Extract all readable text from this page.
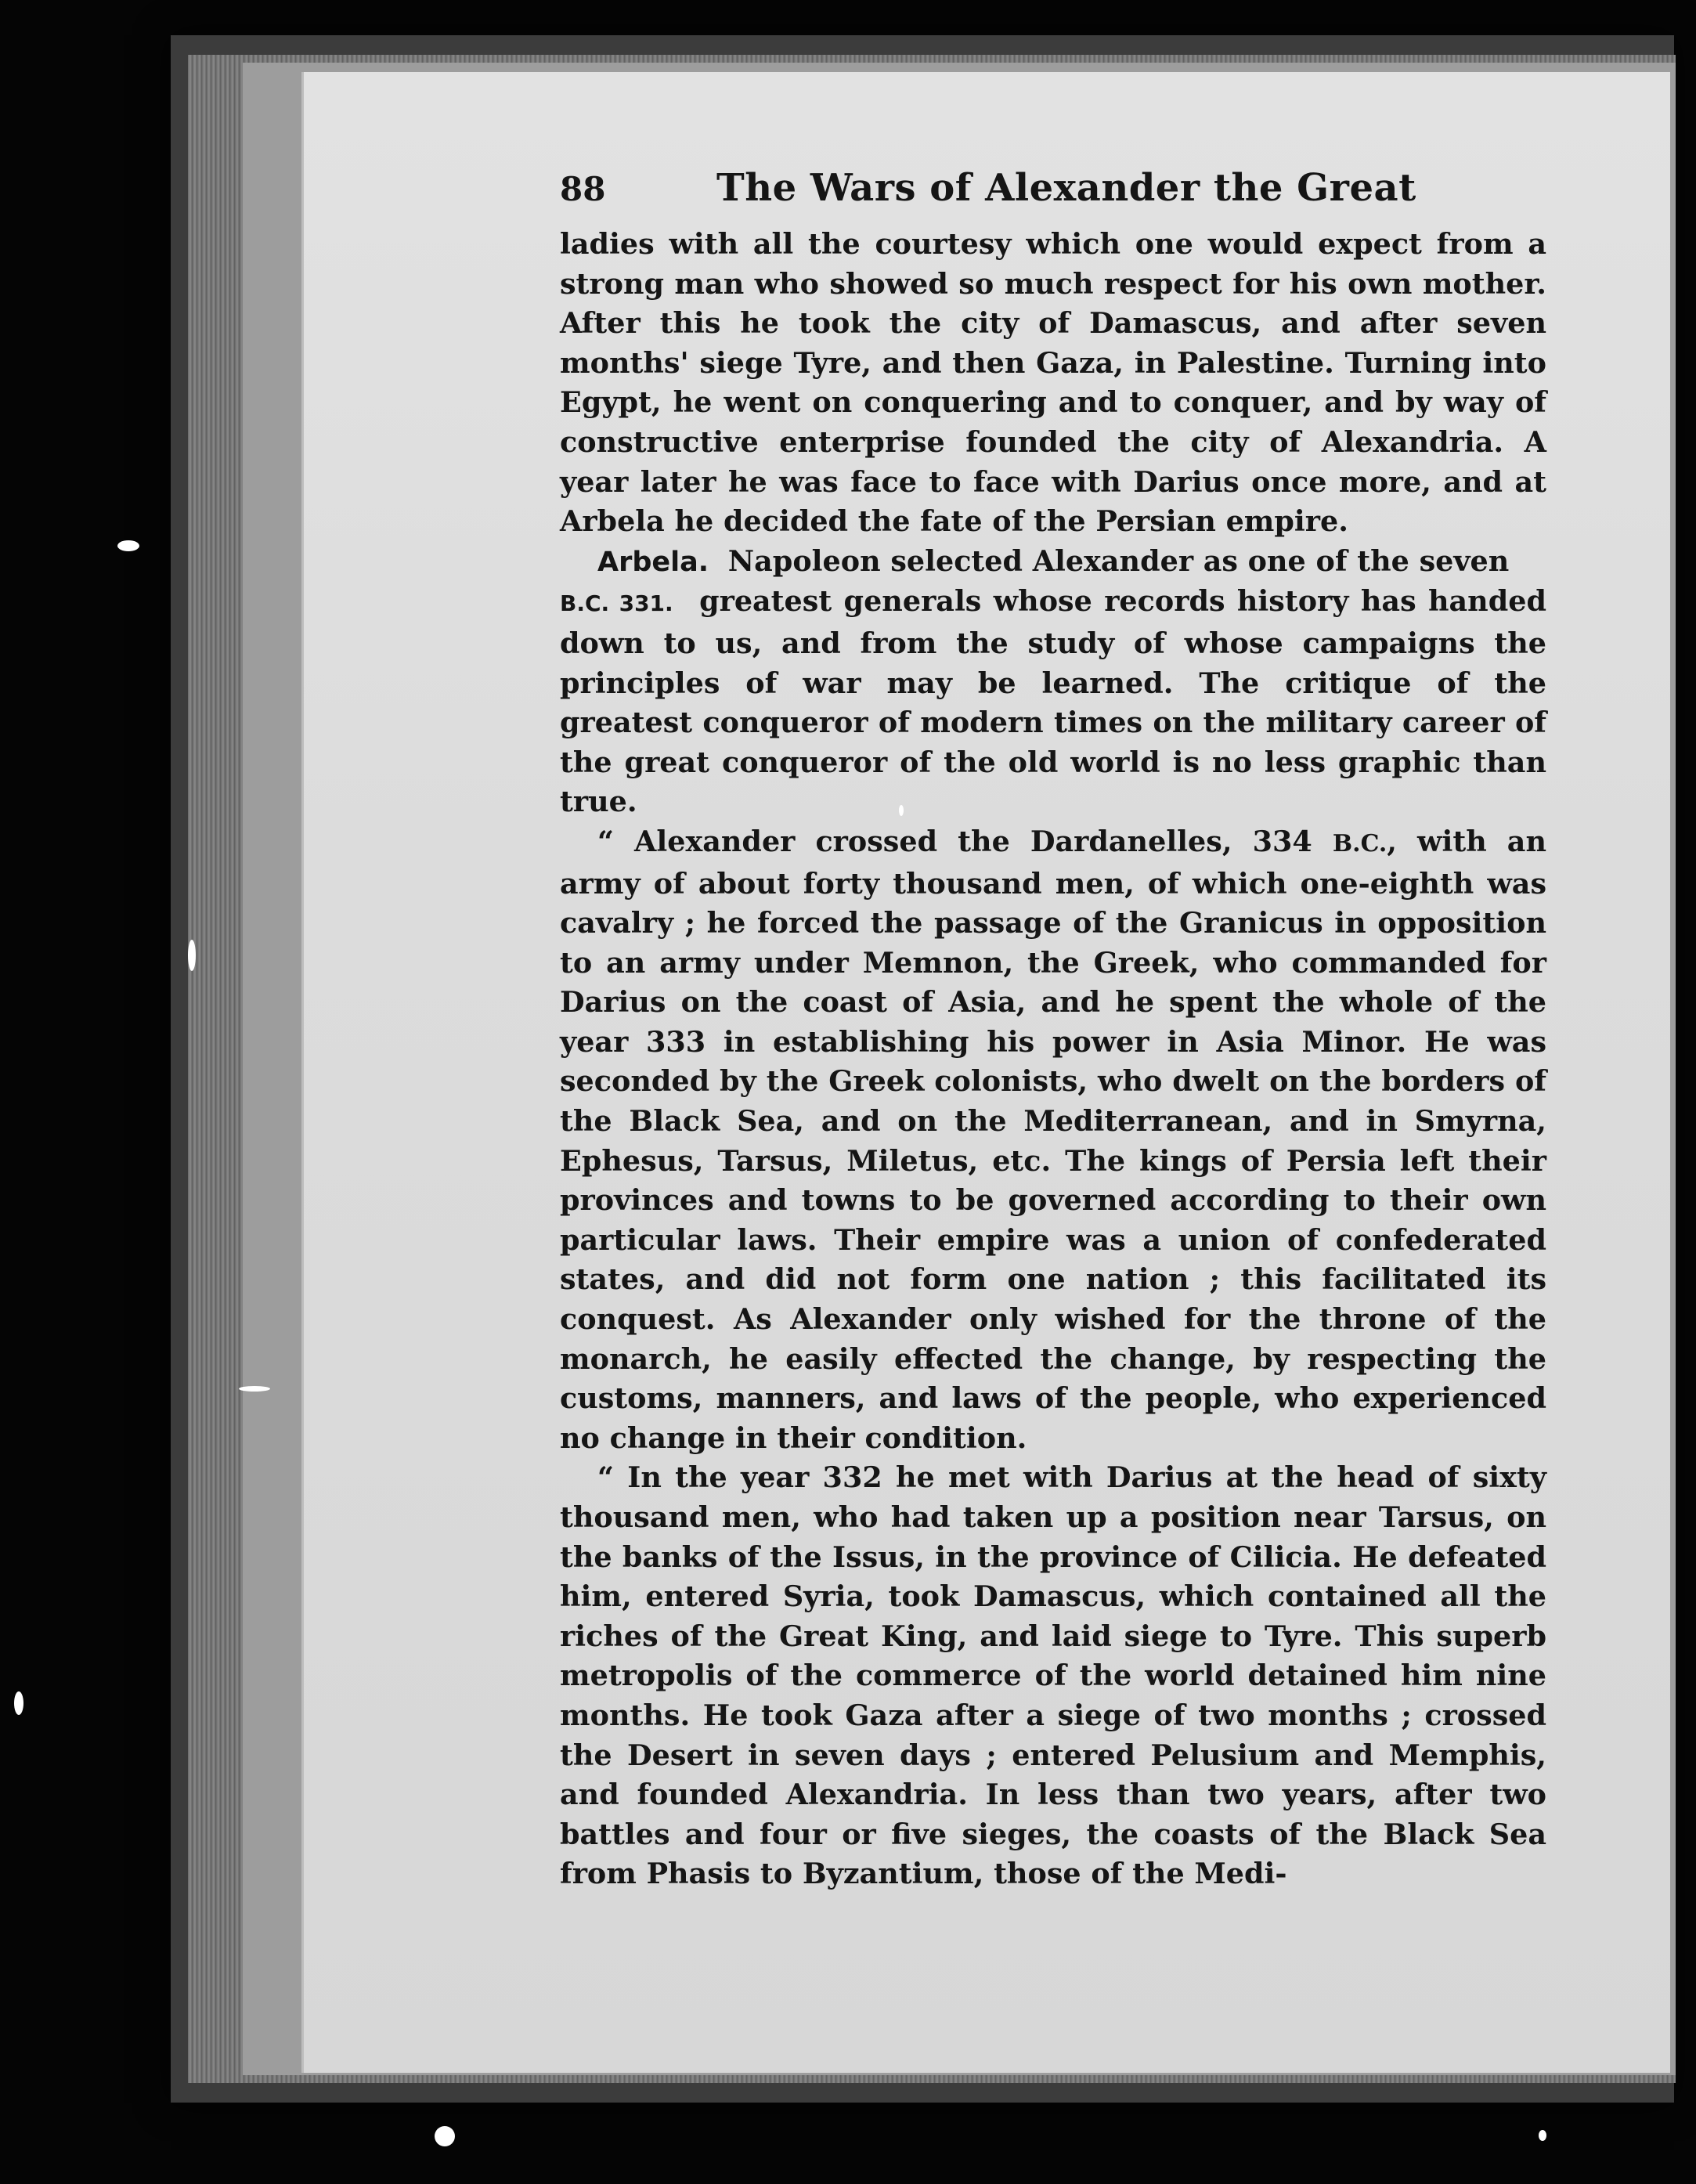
88	The Wars of Alexander the Great

ladies with all the courtesy which one would expect from a strong man who showed so much respect for his own mother. After this he took the city of Damascus, and after seven months' siege Tyre, and then Gaza, in Palestine. Turning into Egypt, he went on conquering and to conquer, and by way of constructive enterprise founded the city of Alexandria. A year later he was face to face with Darius once more, and at Arbela he decided the fate of the Persian empire.

Arbela. Napoleon selected Alexander as one of the seven
B.C. 331. greatest generals whose records history has handed down to us, and from the study of whose campaigns the principles of war may be learned. The critique of the greatest conqueror of modern times on the military career of the great conqueror of the old world is no less graphic than true.

“ Alexander crossed the Dardanelles, 334 B.C., with an army of about forty thousand men, of which one-eighth was cavalry ; he forced the passage of the Granicus in opposition to an army under Memnon, the Greek, who commanded for Darius on the coast of Asia, and he spent the whole of the year 333 in establishing his power in Asia Minor. He was seconded by the Greek colonists, who dwelt on the borders of the Black Sea, and on the Mediterranean, and in Smyrna, Ephesus, Tarsus, Miletus, etc. The kings of Persia left their provinces and towns to be governed according to their own particular laws. Their empire was a union of confederated states, and did not form one nation ; this facilitated its conquest. As Alexander only wished for the throne of the monarch, he easily effected the change, by respecting the customs, manners, and laws of the people, who experienced no change in their condition.

“ In the year 332 he met with Darius at the head of sixty thousand men, who had taken up a position near Tarsus, on the banks of the Issus, in the province of Cilicia. He defeated him, entered Syria, took Damascus, which contained all the riches of the Great King, and laid siege to Tyre. This superb metropolis of the commerce of the world detained him nine months. He took Gaza after a siege of two months ; crossed the Desert in seven days ; entered Pelusium and Memphis, and founded Alexandria. In less than two years, after two battles and four or five sieges, the coasts of the Black Sea from Phasis to Byzantium, those of the Medi-
